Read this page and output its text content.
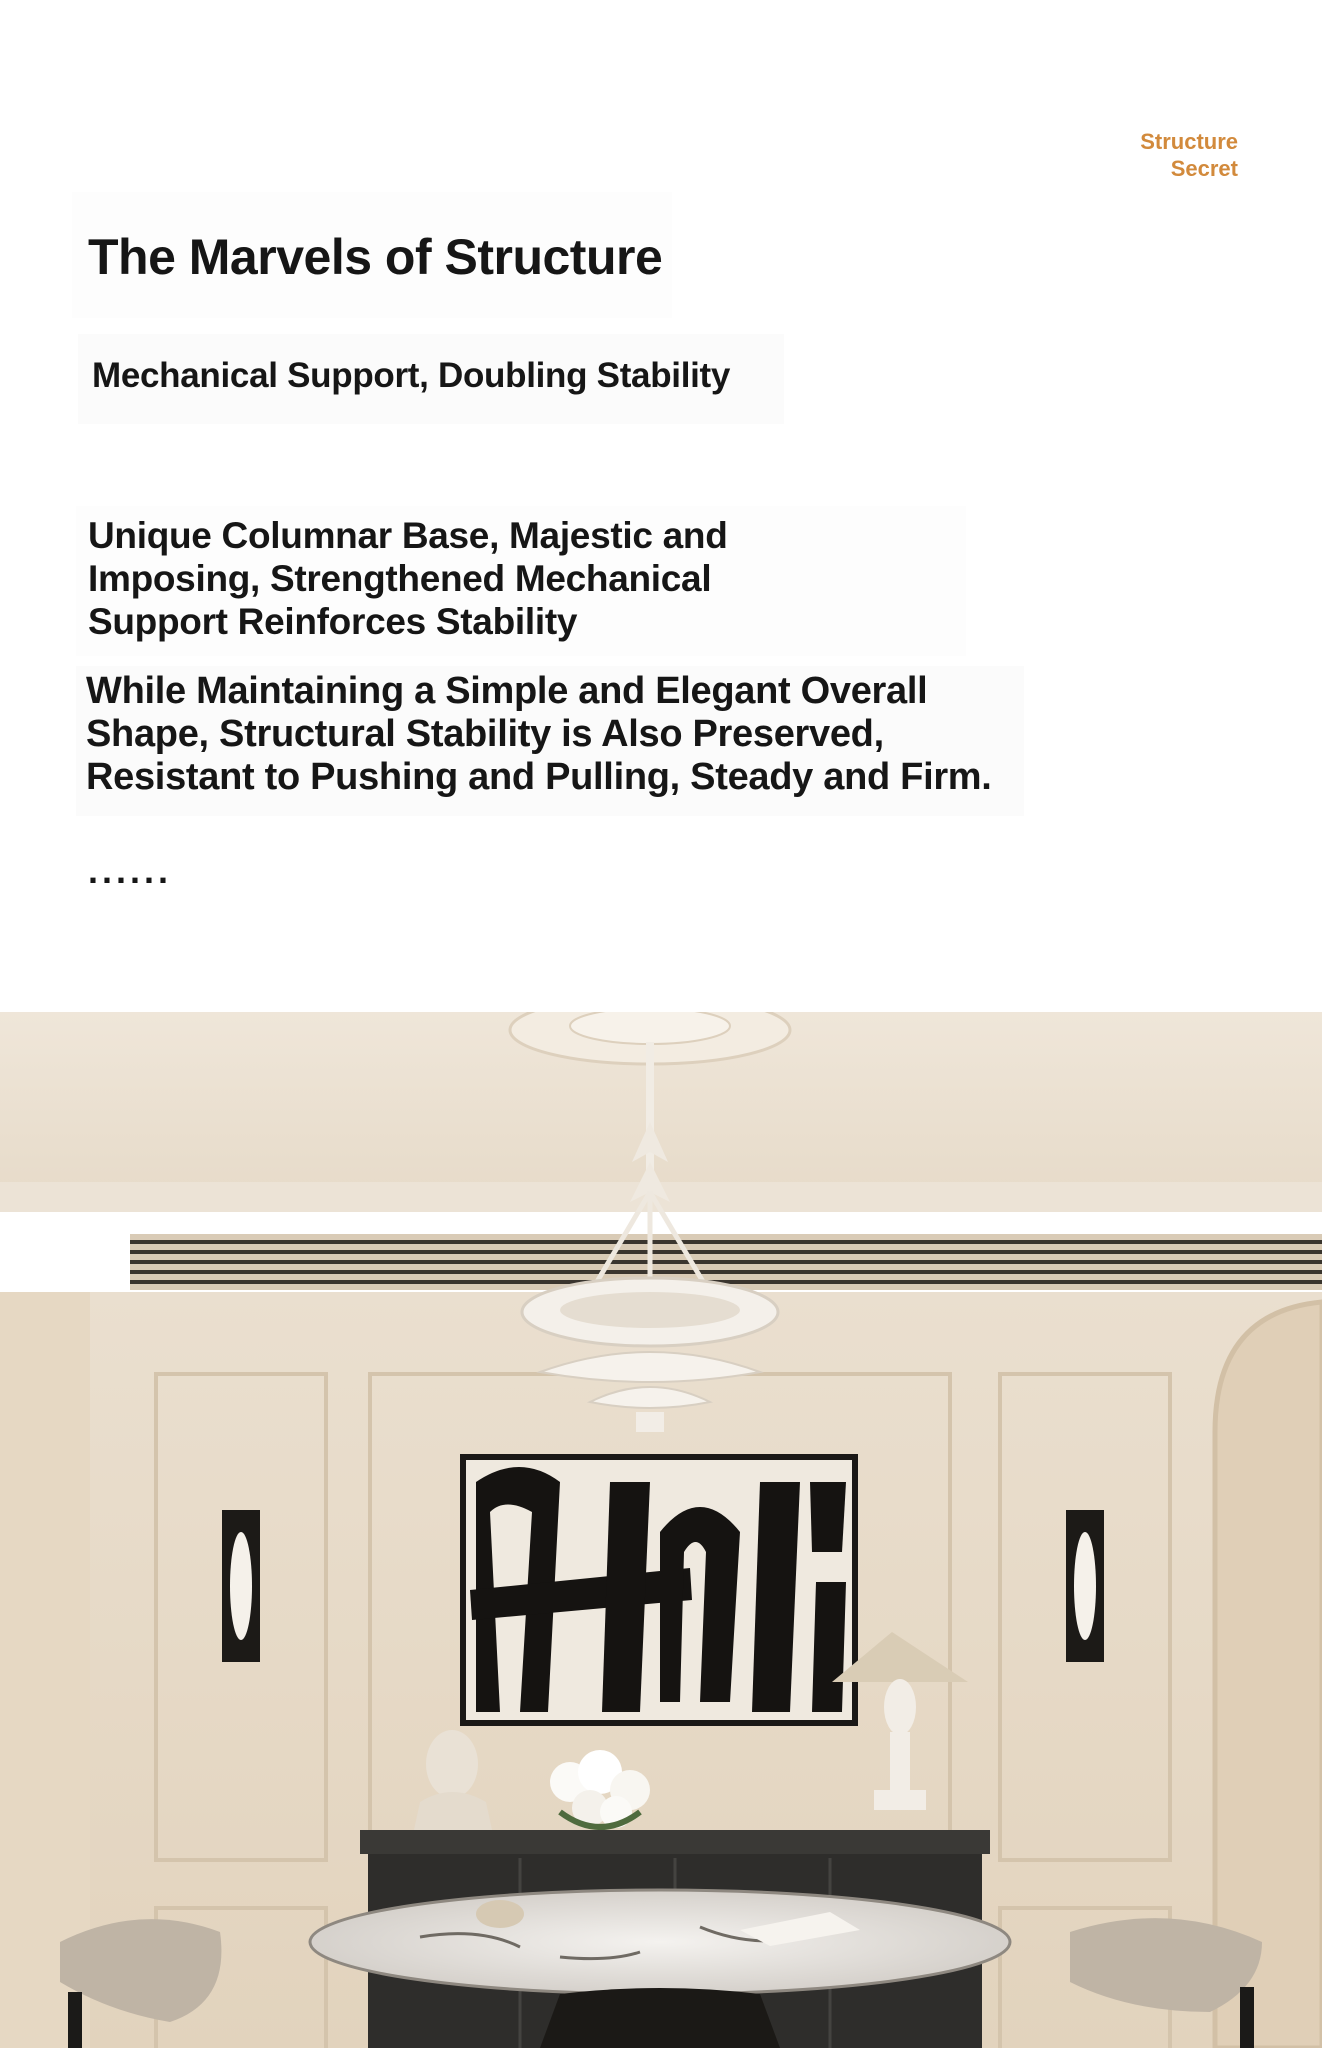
Structure
Secret
The Marvels of Structure
Mechanical Support, Doubling Stability
Unique Columnar Base, Majestic and
Imposing, Strengthened Mechanical
Support Reinforces Stability
While Maintaining a Simple and Elegant Overall
Shape, Structural Stability is Also Preserved,
Resistant to Pushing and Pulling, Steady and Firm.
......
